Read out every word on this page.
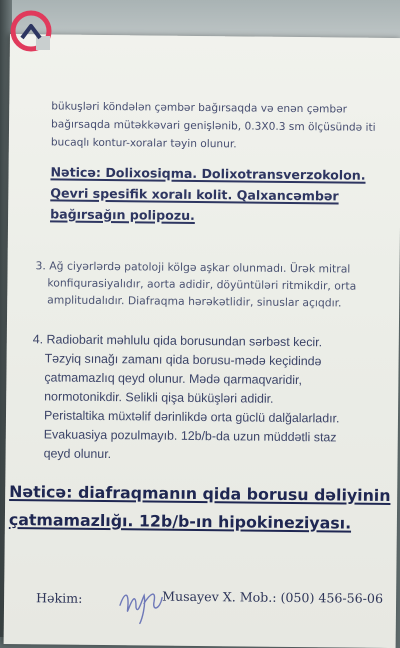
bükuşləri köndələn çəmbər bağırsaqda və enən çəmbər
bağırsaqda mütəkkəvari genişlənib, 0.3X0.3 sm ölçüsündə iti
bucaqlı kontur-xoralar təyin olunur.
Nəticə: Dolixosiqma. Dolixotransverzokolon.
Qevri spesifik xoralı kolit. Qalxancəmbər
bağırsağın polipozu.
3. Ağ ciyərlərdə patoloji kölgə aşkar olunmadı. Ürək mitral
konfiqurasiyalıdır, aorta adidir, döyüntüləri ritmikdir, orta
amplitudalıdır. Diafraqma hərəkətlidir, sinuslar açıqdır.
4. Radiobarit məhlulu qida borusundan sərbəst kecir.
Təzyiq sınağı zamanı qida borusu-mədə keçidində
çatmamazlıq qeyd olunur. Mədə qarmaqvaridir,
normotonikdir. Selikli qişa büküşləri adidir.
Peristaltika müxtəlif dərinlikdə orta güclü dalğalarladır.
Evakuasiya pozulmayıb. 12b/b-da uzun müddətli staz
qeyd olunur.
Nəticə: diafraqmanın qida borusu dəliyinin
çatmamazlığı. 12b/b-ın hipokineziyası.
Həkim:	Musayev X. Mob.: (050) 456-56-06
